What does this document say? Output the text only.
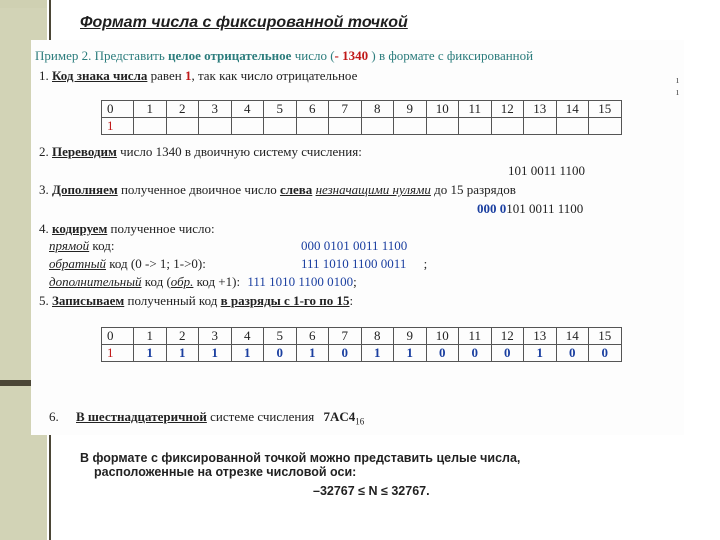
Формат числа с фиксированной точкой
Пример 2. Представить целое отрицательное число (- 1340 ) в формате с фиксированной
1. Код знака числа равен 1, так как число отрицательное
0	1	2	3	4	5	6	7	8	9	10	11	12	13	14	15
1															
2. Переводим число 1340 в двоичную систему счисления:
101 0011 1100
3. Дополняем полученное двоичное число слева незначащими нулями до 15 разрядов
000 0101 0011 1100
4. кодируем полученное число:
прямой код:	000 0101 0011 1100
обратный код (0 -> 1; 1->0):	111 1010 1100 0011 ;
дополнительный код (обр. код +1): 111 1010 1100 0100;
5. Записываем полученный код в разряды с 1-го по 15:
0	1	2	3	4	5	6	7	8	9	10	11	12	13	14	15
1	1	1	1	1	0	1	0	1	1	0	0	0	1	0	0
6. В шестнадцатеричной системе счисления $7AC4_{16}$
ı
ı
В формате с фиксированной точкой можно представить целые числа,
расположенные на отрезке числовой оси:
–32767 ≤ N ≤ 32767.
